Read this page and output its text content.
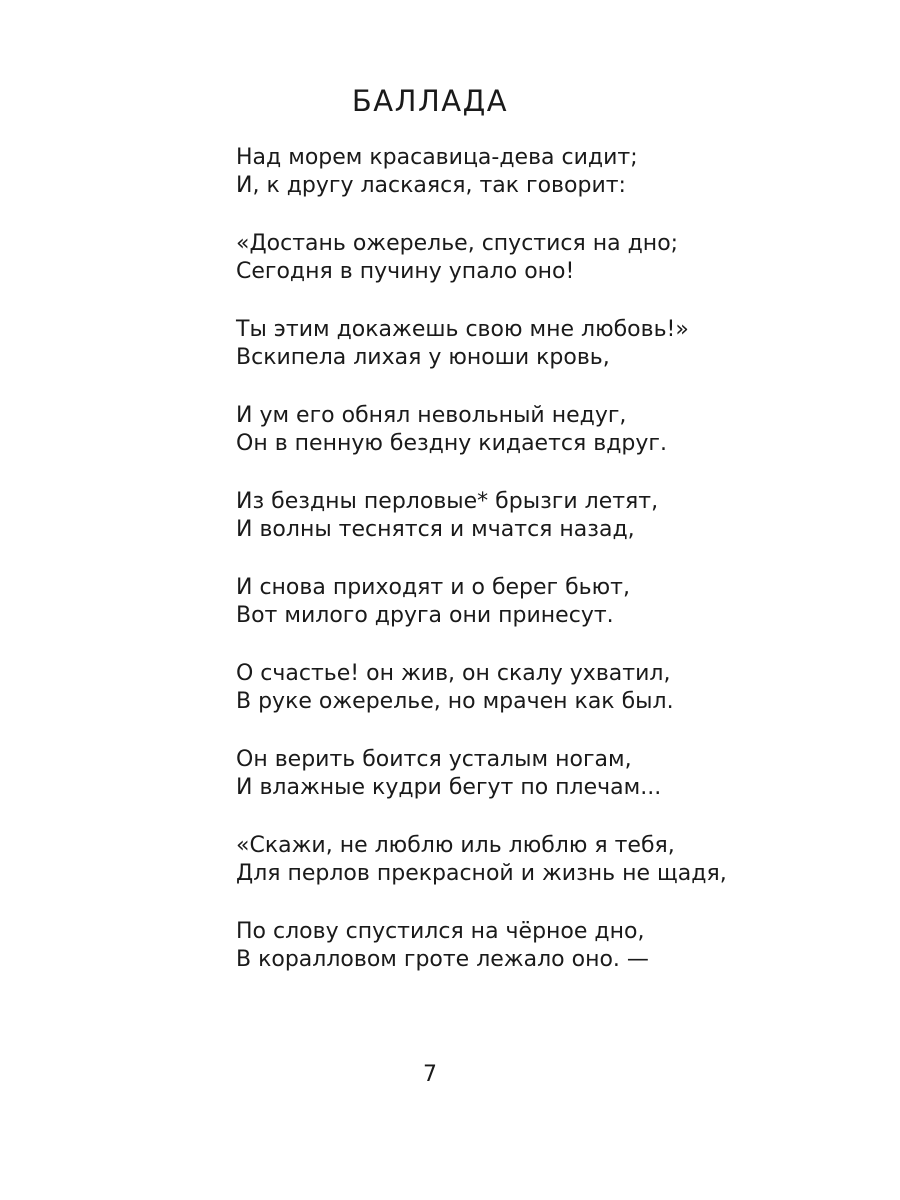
БАЛЛАДА
Над морем красавица-дева сидит;
И, к другу ласкаяся, так говорит:
«Достань ожерелье, спустися на дно;
Сегодня в пучину упало оно!
Ты этим докажешь свою мне любовь!»
Вскипела лихая у юноши кровь,
И ум его обнял невольный недуг,
Он в пенную бездну кидается вдруг.
Из бездны перловые* брызги летят,
И волны теснятся и мчатся назад,
И снова приходят и о берег бьют,
Вот милого друга они принесут.
О счастье! он жив, он скалу ухватил,
В руке ожерелье, но мрачен как был.
Он верить боится усталым ногам,
И влажные кудри бегут по плечам...
«Скажи, не люблю иль люблю я тебя,
Для перлов прекрасной и жизнь не щадя,
По слову спустился на чёрное дно,
В коралловом гроте лежало оно. —
7
